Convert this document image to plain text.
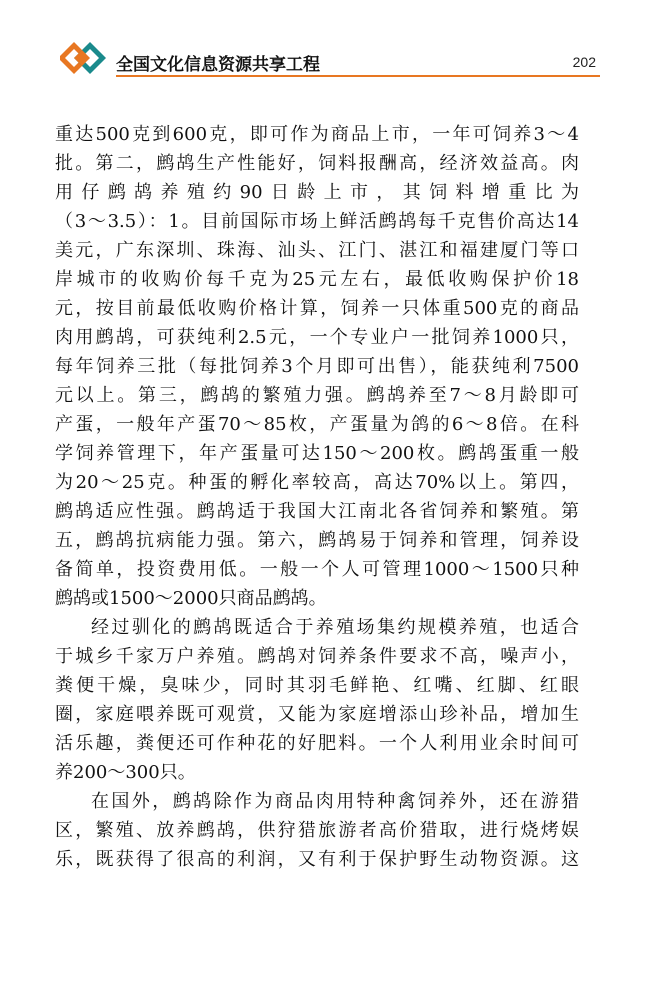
全国文化信息资源共享工程	202
重达500克到600克，即可作为商品上市，一年可饲养3～4
批。第二，鹧鸪生产性能好，饲料报酬高，经济效益高。肉
用仔鹧鸪养殖约90日龄上市，其饲料增重比为
（3～3.5）：1。目前国际市场上鲜活鹧鸪每千克售价高达14
美元，广东深圳、珠海、汕头、江门、湛江和福建厦门等口
岸城市的收购价每千克为25元左右，最低收购保护价18
元，按目前最低收购价格计算，饲养一只体重500克的商品
肉用鹧鸪，可获纯利2.5元，一个专业户一批饲养1000只，
每年饲养三批（每批饲养3个月即可出售），能获纯利7500
元以上。第三，鹧鸪的繁殖力强。鹧鸪养至7～8月龄即可
产蛋，一般年产蛋70～85枚，产蛋量为鸽的6～8倍。在科
学饲养管理下，年产蛋量可达150～200枚。鹧鸪蛋重一般
为20～25克。种蛋的孵化率较高，高达70%以上。第四，
鹧鸪适应性强。鹧鸪适于我国大江南北各省饲养和繁殖。第
五，鹧鸪抗病能力强。第六，鹧鸪易于饲养和管理，饲养设
备简单，投资费用低。一般一个人可管理1000～1500只种
鹧鸪或1500～2000只商品鹧鸪。
经过驯化的鹧鸪既适合于养殖场集约规模养殖，也适合
于城乡千家万户养殖。鹧鸪对饲养条件要求不高，噪声小，
粪便干燥，臭味少，同时其羽毛鲜艳、红嘴、红脚、红眼
圈，家庭喂养既可观赏，又能为家庭增添山珍补品，增加生
活乐趣，粪便还可作种花的好肥料。一个人利用业余时间可
养200～300只。
在国外，鹧鸪除作为商品肉用特种禽饲养外，还在游猎
区，繁殖、放养鹧鸪，供狩猎旅游者高价猎取，进行烧烤娱
乐，既获得了很高的利润，又有利于保护野生动物资源。这
